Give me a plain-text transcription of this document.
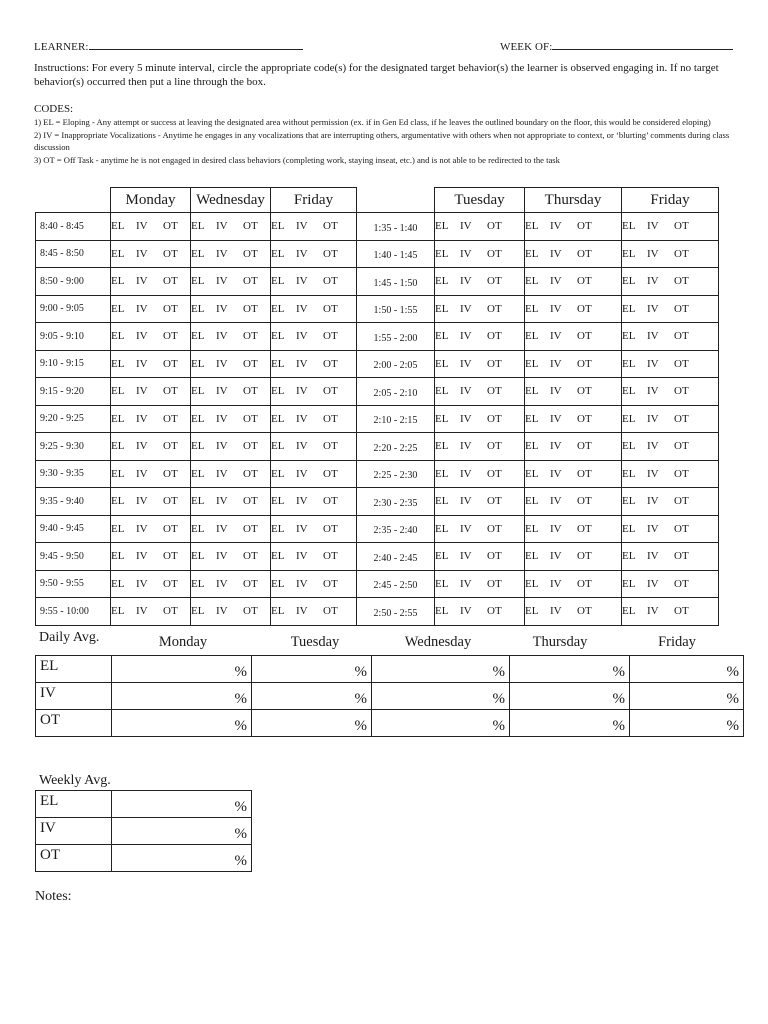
LEARNER:	WEEK OF:
Instructions: For every 5 minute interval, circle the appropriate code(s) for the designated target behavior(s) the learner is observed engaging in. If no target behavior(s) occurred then put a line through the box.
CODES:
1) EL = Eloping - Any attempt or success at leaving the designated area without permission (ex. if in Gen Ed class, if he leaves the outlined boundary on the floor, this would be considered eloping)
2) IV = Inappropriate Vocalizations - Anytime he engages in any vocalizations that are interrupting others, argumentative with others when not appropriate to context, or ‘blurting’ comments during class discussion
3) OT = Off Task - anytime he is not engaged in desired class behaviors (completing work, staying inseat, etc.) and is not able to be redirected to the task
	Monday	Wednesday	Friday		Tuesday	Thursday	Friday
8:40 - 8:45	EL IV OT	EL IV OT	EL IV OT	1:35 - 1:40	EL IV OT	EL IV OT	EL IV OT
8:45 - 8:50	EL IV OT	EL IV OT	EL IV OT	1:40 - 1:45	EL IV OT	EL IV OT	EL IV OT
8:50 - 9:00	EL IV OT	EL IV OT	EL IV OT	1:45 - 1:50	EL IV OT	EL IV OT	EL IV OT
9:00 - 9:05	EL IV OT	EL IV OT	EL IV OT	1:50 - 1:55	EL IV OT	EL IV OT	EL IV OT
9:05 - 9:10	EL IV OT	EL IV OT	EL IV OT	1:55 - 2:00	EL IV OT	EL IV OT	EL IV OT
9:10 - 9:15	EL IV OT	EL IV OT	EL IV OT	2:00 - 2:05	EL IV OT	EL IV OT	EL IV OT
9:15 - 9:20	EL IV OT	EL IV OT	EL IV OT	2:05 - 2:10	EL IV OT	EL IV OT	EL IV OT
9:20 - 9:25	EL IV OT	EL IV OT	EL IV OT	2:10 - 2:15	EL IV OT	EL IV OT	EL IV OT
9:25 - 9:30	EL IV OT	EL IV OT	EL IV OT	2:20 - 2:25	EL IV OT	EL IV OT	EL IV OT
9:30 - 9:35	EL IV OT	EL IV OT	EL IV OT	2:25 - 2:30	EL IV OT	EL IV OT	EL IV OT
9:35 - 9:40	EL IV OT	EL IV OT	EL IV OT	2:30 - 2:35	EL IV OT	EL IV OT	EL IV OT
9:40 - 9:45	EL IV OT	EL IV OT	EL IV OT	2:35 - 2:40	EL IV OT	EL IV OT	EL IV OT
9:45 - 9:50	EL IV OT	EL IV OT	EL IV OT	2:40 - 2:45	EL IV OT	EL IV OT	EL IV OT
9:50 - 9:55	EL IV OT	EL IV OT	EL IV OT	2:45 - 2:50	EL IV OT	EL IV OT	EL IV OT
9:55 - 10:00	EL IV OT	EL IV OT	EL IV OT	2:50 - 2:55	EL IV OT	EL IV OT	EL IV OT
Daily Avg.	Monday	Tuesday	Wednesday	Thursday	Friday
EL	%	%	%	%	%
IV	%	%	%	%	%
OT	%	%	%	%	%
Weekly Avg.
EL	%
IV	%
OT	%
Notes:
